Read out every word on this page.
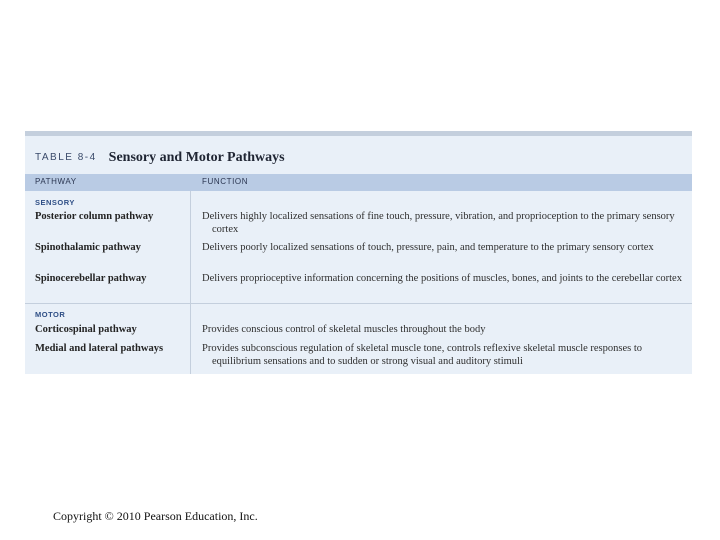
TABLE 8-4 Sensory and Motor Pathways
PATHWAY	FUNCTION
SENSORY
Posterior column pathway	Delivers highly localized sensations of fine touch, pressure, vibration, and proprioception to the primary sensory cortex
Spinothalamic pathway	Delivers poorly localized sensations of touch, pressure, pain, and temperature to the primary sensory cortex
Spinocerebellar pathway	Delivers proprioceptive information concerning the positions of muscles, bones, and joints to the cerebellar cortex
MOTOR
Corticospinal pathway	Provides conscious control of skeletal muscles throughout the body
Medial and lateral pathways	Provides subconscious regulation of skeletal muscle tone, controls reflexive skeletal muscle responses to equilibrium sensations and to sudden or strong visual and auditory stimuli
Copyright © 2010 Pearson Education, Inc.
